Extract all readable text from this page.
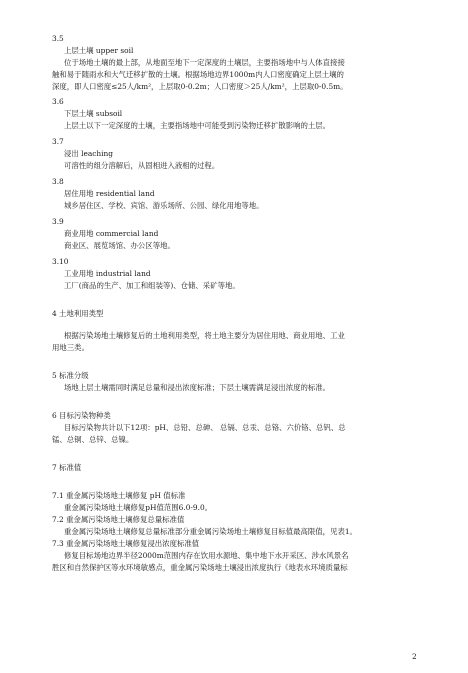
3.5
上层土壤 upper soil
位于场地土壤的最上部，从地面至地下一定深度的土壤层，主要指场地中与人体直接接
触和易于随雨水和大气迁移扩散的土壤。根据场地边界1000m内人口密度确定上层土壤的
深度，即人口密度≤25人/km²，上层取0-0.2m；人口密度＞25人/km²，上层取0-0.5m。
3.6
下层土壤 subsoil
上层土以下一定深度的土壤，主要指场地中可能受到污染物迁移扩散影响的土层。
3.7
浸出 leaching
可溶性的组分溶解后，从固相进入液相的过程。
3.8
居住用地 residential land
城乡居住区、学校、宾馆、游乐场所、公园、绿化用地等地。
3.9
商业用地 commercial land
商业区、展览场馆、办公区等地。
3.10
工业用地 industrial land
工厂(商品的生产、加工和组装等)、仓储、采矿等地。
4 土地利用类型
根据污染场地土壤修复后的土地利用类型，将土地主要分为居住用地、商业用地、工业
用地三类。
5 标准分级
场地上层土壤需同时满足总量和浸出浓度标准；下层土壤需满足浸出浓度的标准。
6 目标污染物种类
目标污染物共计以下12项：pH、总铅、总砷、 总镉、总汞、总铬、六价铬、总钒、总
锰、总铜、总锌、总镍。
7 标准值
7.1 重金属污染场地土壤修复 pH 值标准
重金属污染场地土壤修复pH值范围6.0-9.0。
7.2 重金属污染场地土壤修复总量标准值
重金属污染场地土壤修复总量标准部分重金属污染场地土壤修复目标值最高限值，见表1。
7.3 重金属污染场地土壤修复浸出浓度标准值
修复目标场地边界半径2000m范围内存在饮用水源地、集中地下水开采区、涉水风景名
胜区和自然保护区等水环境敏感点，重金属污染场地土壤浸出浓度执行《地表水环境质量标
2
